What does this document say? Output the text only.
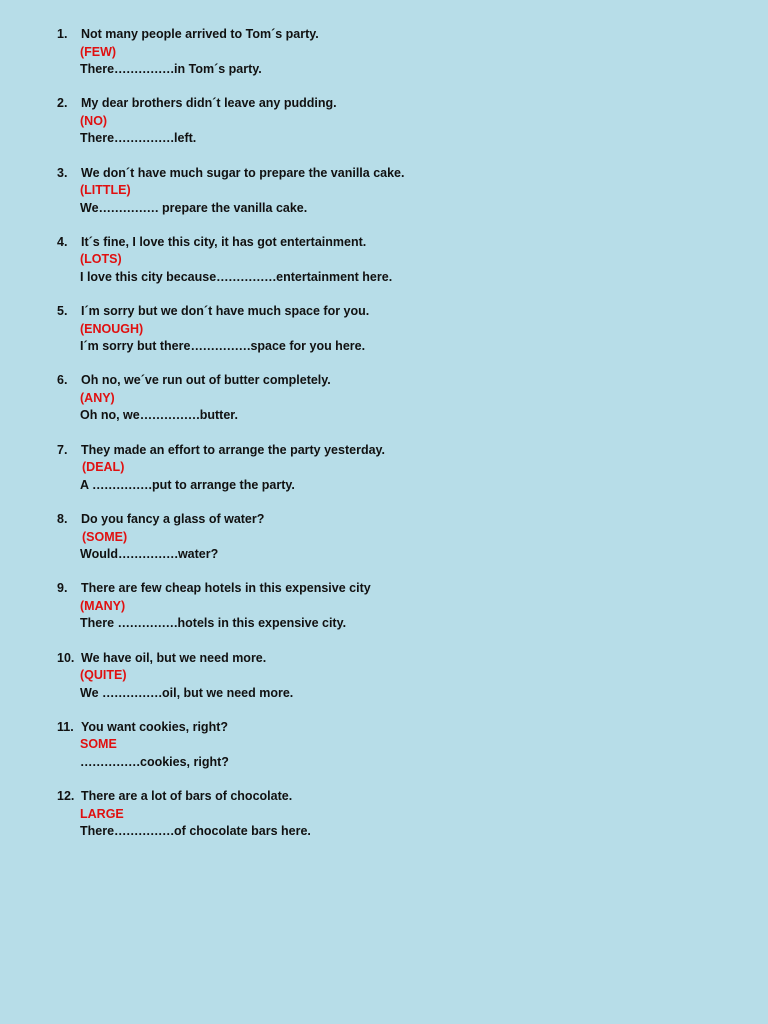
1. Not many people arrived to Tom´s party.
(FEW)
There……………in Tom´s party.
2. My dear brothers didn´t leave any pudding.
(NO)
There……………left.
3. We don´t have much sugar to prepare the vanilla cake.
(LITTLE)
We…………… prepare the vanilla cake.
4. It´s fine, I love this city, it has got entertainment.
(LOTS)
I love this city because……………entertainment here.
5. I´m sorry but we don´t have much space for you.
(ENOUGH)
I´m sorry but there……………space for you here.
6. Oh no, we´ve run out of butter completely.
(ANY)
Oh no, we……………butter.
7. They made an effort to arrange the party yesterday.
(DEAL)
A ……………put to arrange the party.
8. Do you fancy a glass of water?
(SOME)
Would……………water?
9. There are few cheap hotels in this expensive city
(MANY)
There ……………hotels in this expensive city.
10. We have oil, but we need more.
(QUITE)
We ……………oil, but we need more.
11. You want cookies, right?
SOME
……………cookies, right?
12. There are a lot of bars of chocolate.
LARGE
There……………of chocolate bars here.
